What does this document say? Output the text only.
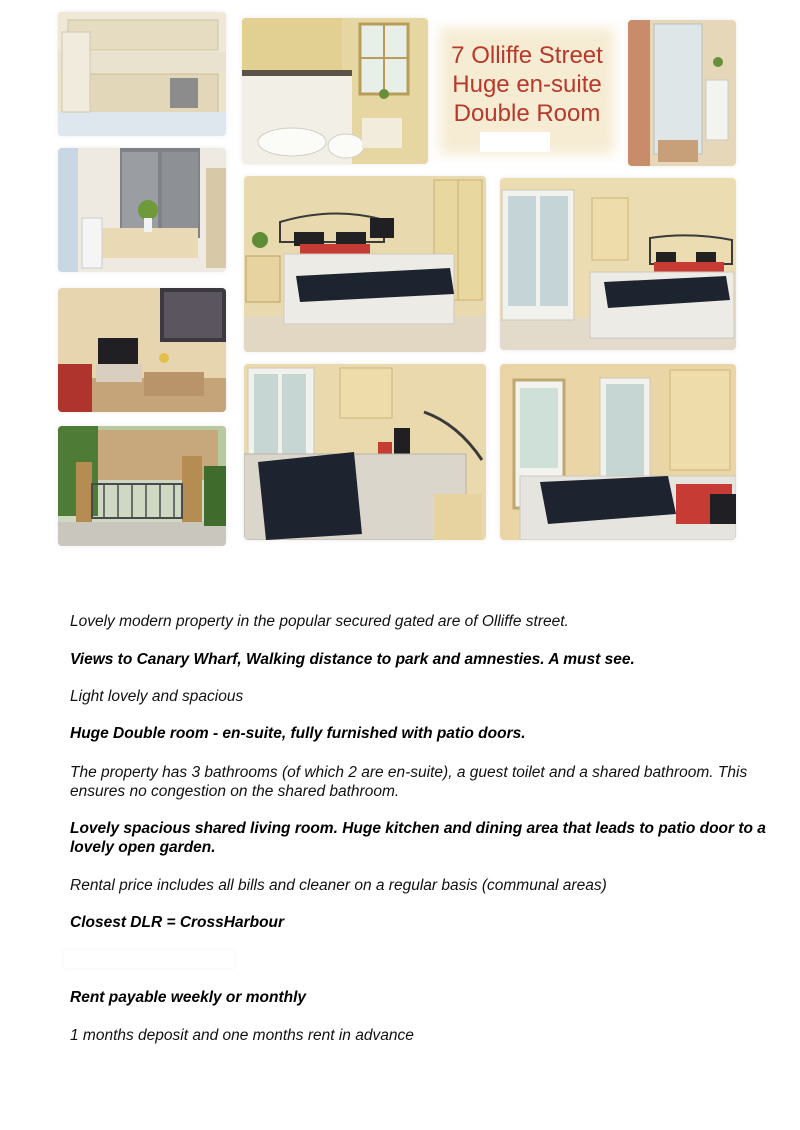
7 Olliffe Street
Huge en-suite
Double Room
Lovely modern property in the popular secured gated are of Olliffe street.
Views to Canary Wharf, Walking distance to park and amnesties. A must see.
Light lovely and spacious
Huge Double room - en-suite, fully furnished with patio doors.
The property has 3 bathrooms (of which 2 are en-suite), a guest toilet and a shared bathroom. This ensures no congestion on the shared bathroom.
Lovely spacious shared living room. Huge kitchen and dining area that leads to patio door to a lovely open garden.
Rental price includes all bills and cleaner on a regular basis (communal areas)
Closest DLR = CrossHarbour
Rent payable weekly or monthly
1 months deposit and one months rent in advance
